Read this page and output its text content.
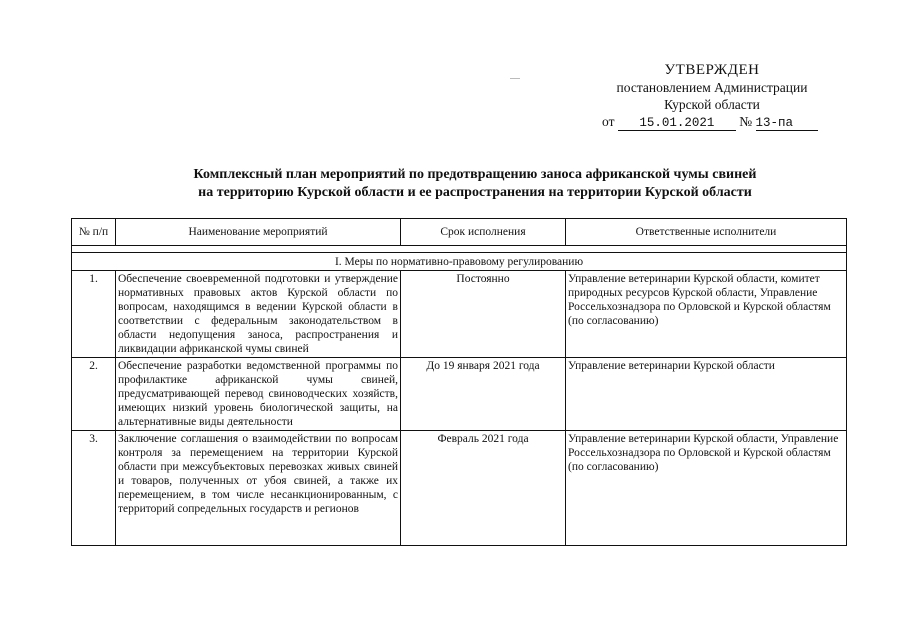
УТВЕРЖДЕН
постановлением Администрации
Курской области
от 15.01.2021 № 13-па
Комплексный план мероприятий по предотвращению заноса африканской чумы свиней
на территорию Курской области и ее распространения на территории Курской области
№ п/п	Наименование мероприятий	Срок исполнения	Ответственные исполнители

I. Меры по нормативно-правовому регулированию			
1.	Обеспечение своевременной подготовки и утверждение нормативных правовых актов Курской области по вопросам, находящимся в ведении Курской области в соответствии с федеральным законодательством в области недопущения заноса, распространения и ликвидации африканской чумы свиней	Постоянно	Управление ветеринарии Курской области, комитет природных ресурсов Курской области, Управление Россельхознадзора по Орловской и Курской областям (по согласованию)
2.	Обеспечение разработки ведомственной программы по профилактике африканской чумы свиней, предусматривающей перевод свиноводческих хозяйств, имеющих низкий уровень биологической защиты, на альтернативные виды деятельности	До 19 января 2021 года	Управление ветеринарии Курской области
3.	Заключение соглашения о взаимодействии по вопросам контроля за перемещением на территории Курской области при межсубъектовых перевозках живых свиней и товаров, полученных от убоя свиней, а также их перемещением, в том числе несанкционированным, с территорий сопредельных государств и регионов	Февраль 2021 года	Управление ветеринарии Курской области, Управление Россельхознадзора по Орловской и Курской областям (по согласованию)
